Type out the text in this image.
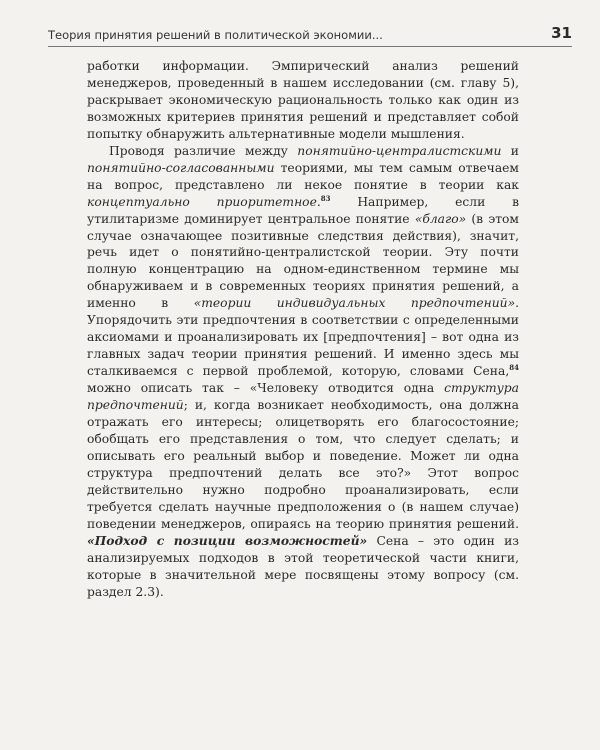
Теория принятия решений в политической экономии...	31

работки информации. Эмпирический анализ решений менеджеров, проведенный в нашем исследовании (см. главу 5), раскрывает экономическую рациональность только как один из возможных критериев принятия решений и представляет собой попытку обнаружить альтернативные модели мышления.

Проводя различие между понятийно-централистскими и понятийно-согласованными теориями, мы тем самым отвечаем на вопрос, представлено ли некое понятие в теории как концептуально приоритетное.$^{83}$ Например, если в утилитаризме доминирует центральное понятие «благо» (в этом случае означающее позитивные следствия действия), значит, речь идет о понятийно-централистской теории. Эту почти полную концентрацию на одном-единственном термине мы обнаруживаем и в современных теориях принятия решений, а именно в «теории индивидуальных предпочтений». Упорядочить эти предпочтения в соответствии с определенными аксиомами и проанализировать их [предпочтения] – вот одна из главных задач теории принятия решений. И именно здесь мы сталкиваемся с первой проблемой, которую, словами Сена,$^{84}$ можно описать так – «Человеку отводится одна структура предпочтений; и, когда возникает необходимость, она должна отражать его интересы; олицетворять его благосостояние; обобщать его представления о том, что следует сделать; и описывать его реальный выбор и поведение. Может ли одна структура предпочтений делать все это?» Этот вопрос действительно нужно подробно проанализировать, если требуется сделать научные предположения о (в нашем случае) поведении менеджеров, опираясь на теорию принятия решений. «Подход с позиции возможностей» Сена – это один из анализируемых подходов в этой теоретической части книги, которые в значительной мере посвящены этому вопросу (см. раздел 2.3).
